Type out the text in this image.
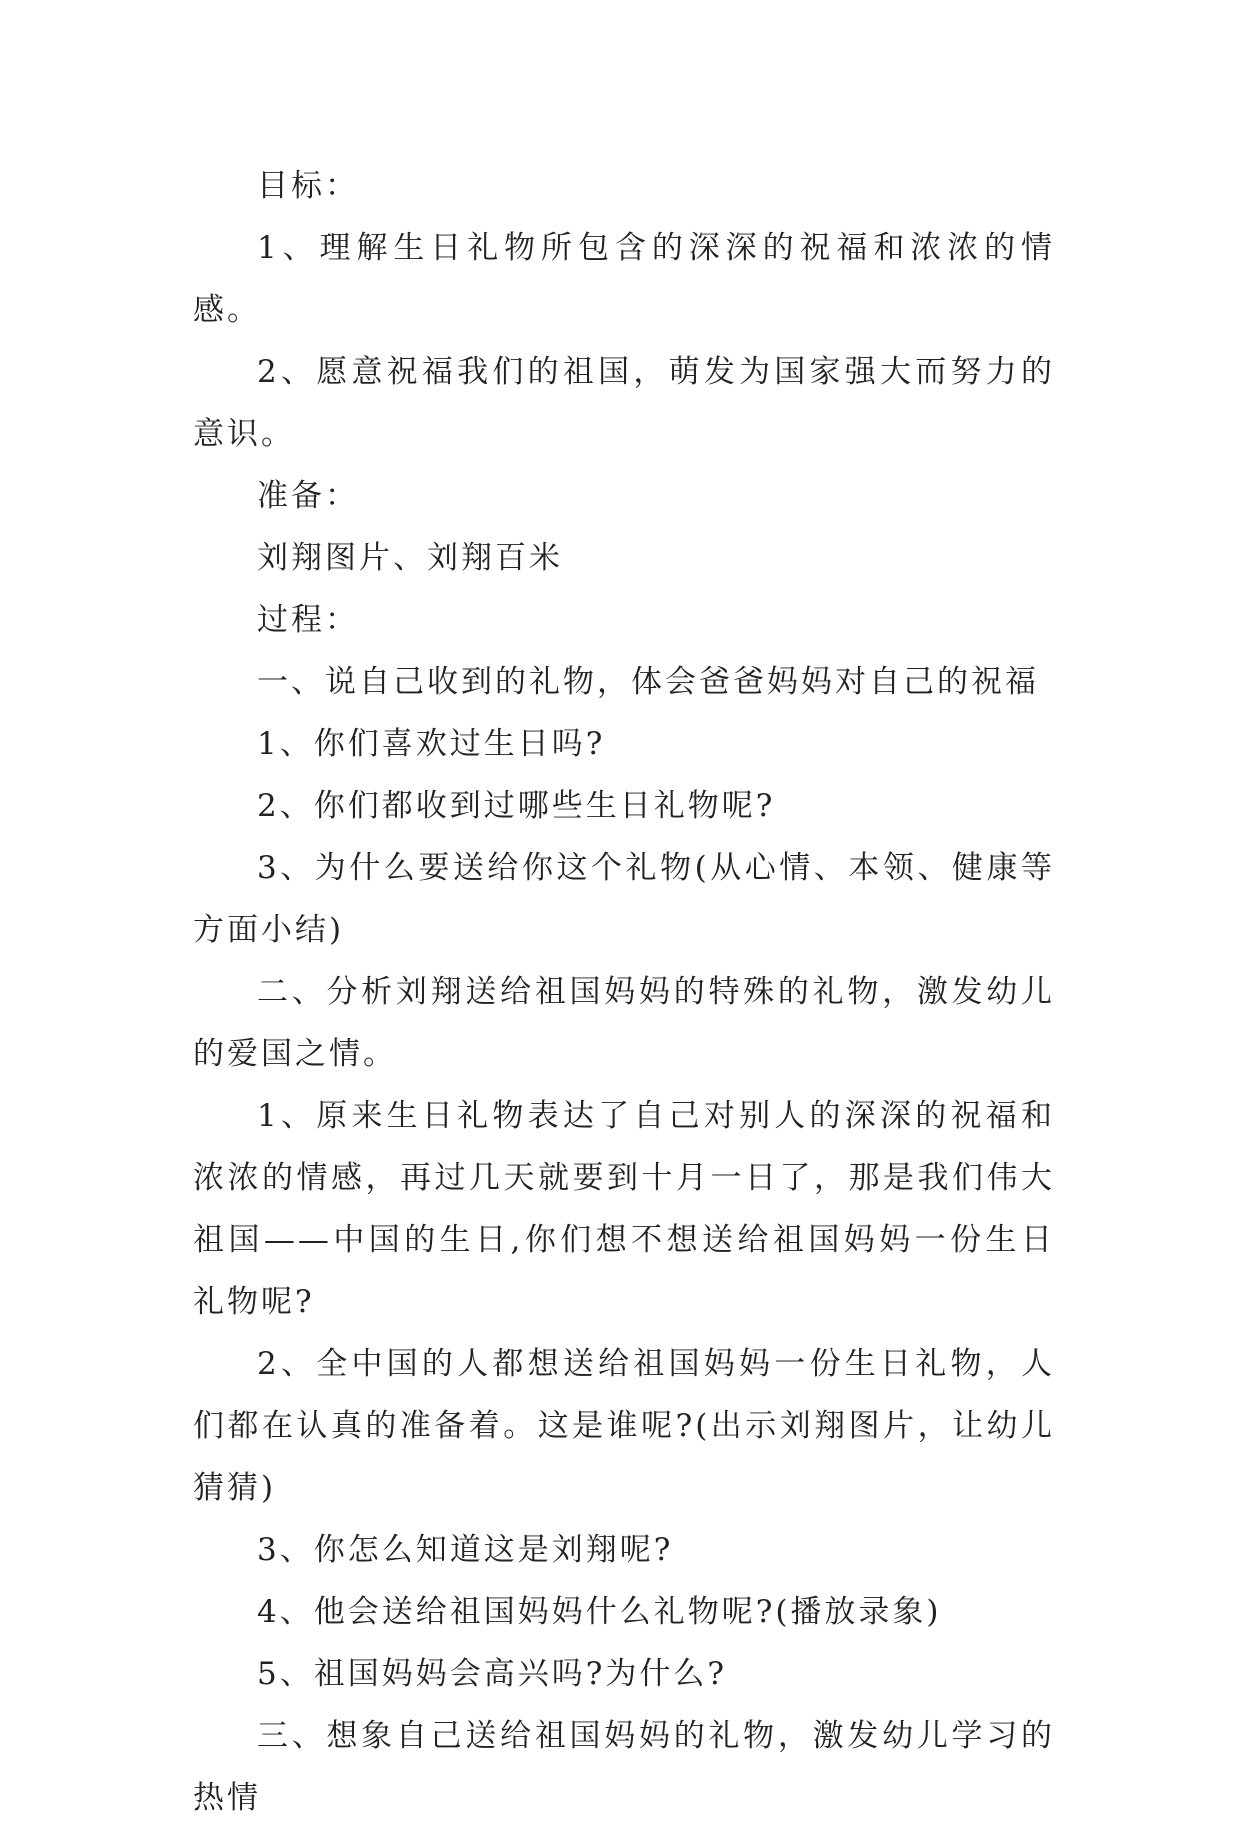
目标：

1、理解生日礼物所包含的深深的祝福和浓浓的情感。

2、愿意祝福我们的祖国，萌发为国家强大而努力的意识。

准备：

刘翔图片、刘翔百米

过程：

一、说自己收到的礼物，体会爸爸妈妈对自己的祝福

1、你们喜欢过生日吗?

2、你们都收到过哪些生日礼物呢?

3、为什么要送给你这个礼物(从心情、本领、健康等方面小结)

二、分析刘翔送给祖国妈妈的特殊的礼物，激发幼儿的爱国之情。

1、原来生日礼物表达了自己对别人的深深的祝福和浓浓的情感，再过几天就要到十月一日了，那是我们伟大祖国——中国的生日,你们想不想送给祖国妈妈一份生日礼物呢?

2、全中国的人都想送给祖国妈妈一份生日礼物，人们都在认真的准备着。这是谁呢?(出示刘翔图片，让幼儿猜猜)

3、你怎么知道这是刘翔呢?

4、他会送给祖国妈妈什么礼物呢?(播放录象)

5、祖国妈妈会高兴吗?为什么?

三、想象自己送给祖国妈妈的礼物，激发幼儿学习的热情
